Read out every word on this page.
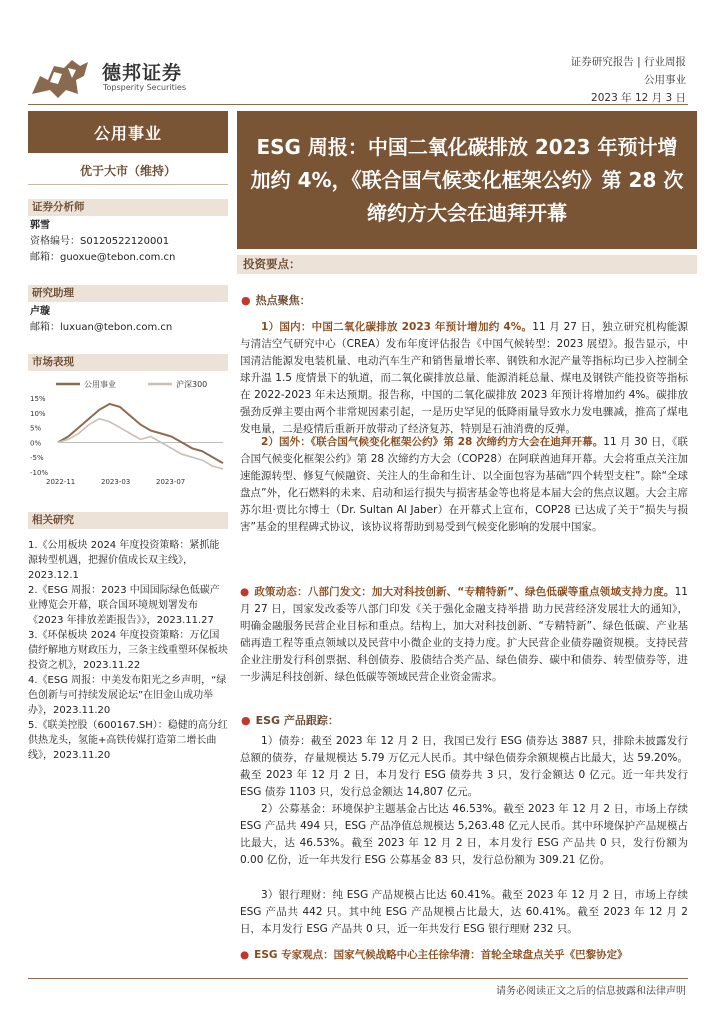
德邦证券
Topsperity Securities
证券研究报告 | 行业周报
公用事业
2023 年 12 月 3 日
公用事业
优于大市（维持）
证券分析师
郭雪
资格编号：S0120522120001
邮箱：guoxue@tebon.com.cn
研究助理
卢璇
邮箱：luxuan@tebon.com.cn
市场表现
公用事业	沪深300
15%
10%
5%
0%
-5%
-10%
2022-11	2023-03	2023-07
相关研究
1.《公用板块 2024 年度投资策略：紧抓能源转型机遇，把握价值成长双主线》，2023.12.1
2.《ESG 周报：2023 中国国际绿色低碳产业博览会开幕，联合国环境规划署发布《2023 年排放差距报告》》，2023.11.27
3.《环保板块 2024 年度投资策略：万亿国债纾解地方财政压力，三条主线重塑环保板块投资之机》，2023.11.22
4.《ESG 周报：中美发布阳光之乡声明，“绿色创新与可持续发展论坛”在旧金山成功举办》，2023.11.20
5.《联美控股（600167.SH）：稳健的高分红供热龙头，氢能+高铁传媒打造第二增长曲线》，2023.11.20
ESG 周报：中国二氧化碳排放 2023 年预计增加约 4%，《联合国气候变化框架公约》第 28 次缔约方大会在迪拜开幕
投资要点：
● 热点聚焦：
1）国内：中国二氧化碳排放 2023 年预计增加约 4%。11 月 27 日，独立研究机构能源与清洁空气研究中心（CREA）发布年度评估报告《中国气候转型：2023 展望》。报告显示，中国清洁能源发电装机量、电动汽车生产和销售量增长率、钢铁和水泥产量等指标均已步入控制全球升温 1.5 度情景下的轨道，而二氧化碳排放总量、能源消耗总量、煤电及钢铁产能投资等指标在 2022-2023 年未达预期。报告称，中国的二氧化碳排放 2023 年预计将增加约 4%。碳排放强劲反弹主要由两个非常规因素引起，一是历史罕见的低降雨量导致水力发电骤减，推高了煤电发电量，二是疫情后重新开放带动了经济复苏，特别是石油消费的反弹。
2）国外：《联合国气候变化框架公约》第 28 次缔约方大会在迪拜开幕。11 月 30 日，《联合国气候变化框架公约》第 28 次缔约方大会（COP28）在阿联酋迪拜开幕。大会将重点关注加速能源转型、修复气候融资、关注人的生命和生计、以全面包容为基础“四个转型支柱”。除“全球盘点”外，化石燃料的未来、启动和运行损失与损害基金等也将是本届大会的焦点议题。大会主席苏尔坦·贾比尔博士（Dr. Sultan Al Jaber）在开幕式上宣布，COP28 已达成了关于“损失与损害”基金的里程碑式协议，该协议将帮助到易受到气候变化影响的发展中国家。
● 政策动态：八部门发文：加大对科技创新、“专精特新”、绿色低碳等重点领域支持力度。11 月 27 日，国家发改委等八部门印发《关于强化金融支持举措 助力民营经济发展壮大的通知》，明确金融服务民营企业目标和重点。结构上，加大对科技创新、“专精特新”、绿色低碳、产业基础再造工程等重点领域以及民营中小微企业的支持力度。扩大民营企业债券融资规模。支持民营企业注册发行科创票据、科创债券、股债结合类产品、绿色债券、碳中和债券、转型债券等，进一步满足科技创新、绿色低碳等领域民营企业资金需求。
● ESG 产品跟踪：
1）债券：截至 2023 年 12 月 2 日，我国已发行 ESG 债券达 3887 只，排除未披露发行总额的债券，存量规模达 5.79 万亿元人民币。其中绿色债券余额规模占比最大，达 59.20%。截至 2023 年 12 月 2 日，本月发行 ESG 债券共 3 只，发行金额达 0 亿元。近一年共发行 ESG 债券 1103 只，发行总金额达 14,807 亿元。
2）公募基金：环境保护主题基金占比达 46.53%。截至 2023 年 12 月 2 日，市场上存续 ESG 产品共 494 只，ESG 产品净值总规模达 5,263.48 亿元人民币。其中环境保护产品规模占比最大，达 46.53%。截至 2023 年 12 月 2 日，本月发行 ESG 产品共 0 只，发行份额为 0.00 亿份，近一年共发行 ESG 公募基金 83 只，发行总份额为 309.21 亿份。
3）银行理财：纯 ESG 产品规模占比达 60.41%。截至 2023 年 12 月 2 日，市场上存续 ESG 产品共 442 只。其中纯 ESG 产品规模占比最大，达 60.41%。截至 2023 年 12 月 2 日，本月发行 ESG 产品共 0 只，近一年共发行 ESG 银行理财 232 只。
● ESG 专家观点：国家气候战略中心主任徐华清：首轮全球盘点关乎《巴黎协定》
请务必阅读正文之后的信息披露和法律声明
